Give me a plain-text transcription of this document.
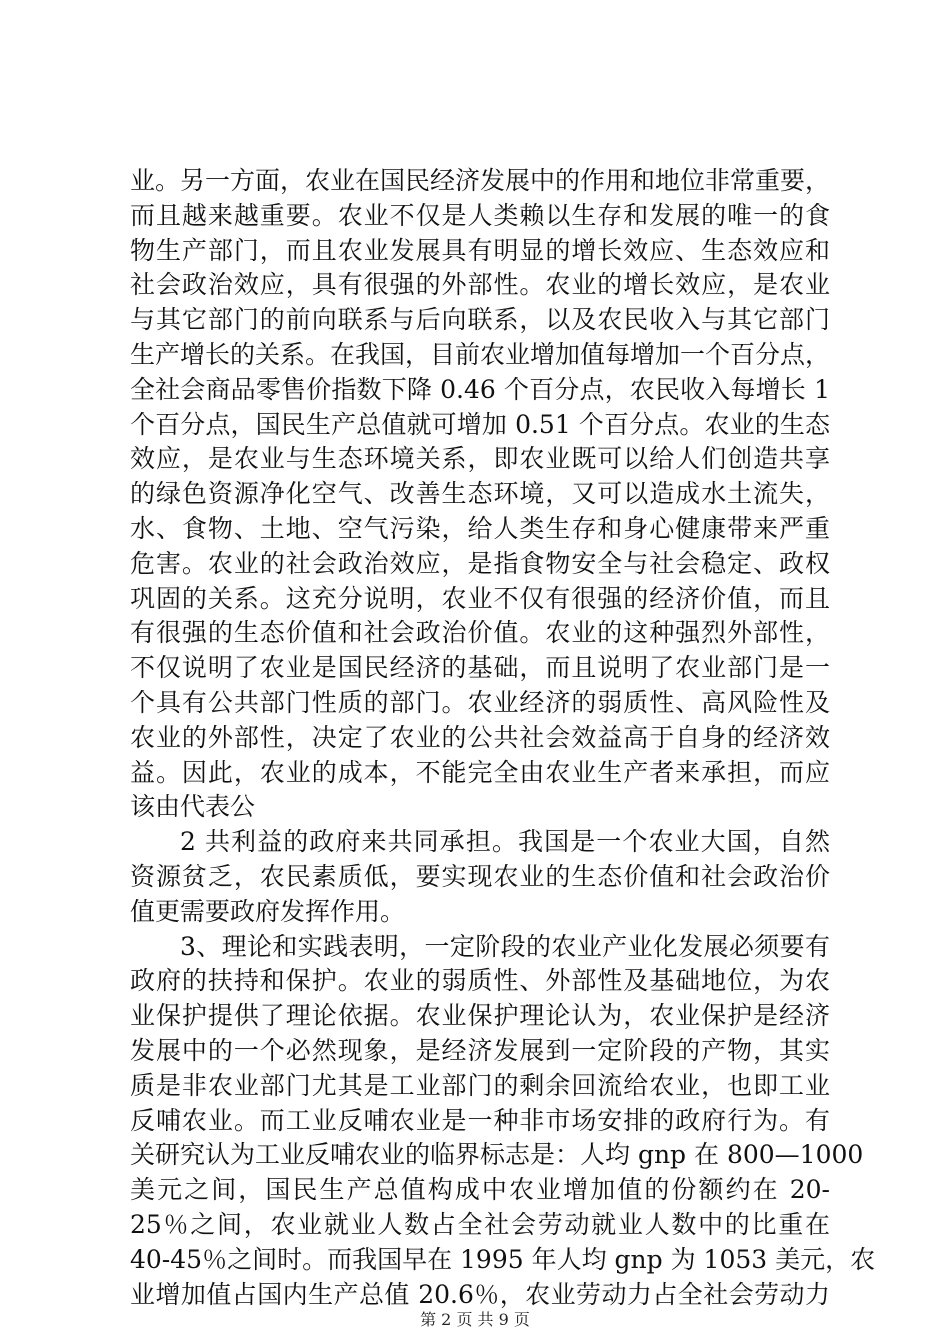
业。另一方面，农业在国民经济发展中的作用和地位非常重要，
而且越来越重要。农业不仅是人类赖以生存和发展的唯一的食
物生产部门，而且农业发展具有明显的增长效应、生态效应和
社会政治效应，具有很强的外部性。农业的增长效应，是农业
与其它部门的前向联系与后向联系，以及农民收入与其它部门
生产增长的关系。在我国，目前农业增加值每增加一个百分点，
全社会商品零售价指数下降 0.46 个百分点，农民收入每增长 1
个百分点，国民生产总值就可增加 0.51 个百分点。农业的生态
效应，是农业与生态环境关系，即农业既可以给人们创造共享
的绿色资源净化空气、改善生态环境，又可以造成水土流失，
水、食物、土地、空气污染，给人类生存和身心健康带来严重
危害。农业的社会政治效应，是指食物安全与社会稳定、政权
巩固的关系。这充分说明，农业不仅有很强的经济价值，而且
有很强的生态价值和社会政治价值。农业的这种强烈外部性，
不仅说明了农业是国民经济的基础，而且说明了农业部门是一
个具有公共部门性质的部门。农业经济的弱质性、高风险性及
农业的外部性，决定了农业的公共社会效益高于自身的经济效
益。因此，农业的成本，不能完全由农业生产者来承担，而应
该由代表公
2 共利益的政府来共同承担。我国是一个农业大国，自然
资源贫乏，农民素质低，要实现农业的生态价值和社会政治价
值更需要政府发挥作用。
3、理论和实践表明，一定阶段的农业产业化发展必须要有
政府的扶持和保护。农业的弱质性、外部性及基础地位，为农
业保护提供了理论依据。农业保护理论认为，农业保护是经济
发展中的一个必然现象，是经济发展到一定阶段的产物，其实
质是非农业部门尤其是工业部门的剩余回流给农业，也即工业
反哺农业。而工业反哺农业是一种非市场安排的政府行为。有
关研究认为工业反哺农业的临界标志是：人均 gnp 在 800—1000
美元之间，国民生产总值构成中农业增加值的份额约在 20-
25％之间，农业就业人数占全社会劳动就业人数中的比重在
40-45％之间时。而我国早在 1995 年人均 gnp 为 1053 美元，农
业增加值占国内生产总值 20.6％，农业劳动力占全社会劳动力
第 2 页 共 9 页
